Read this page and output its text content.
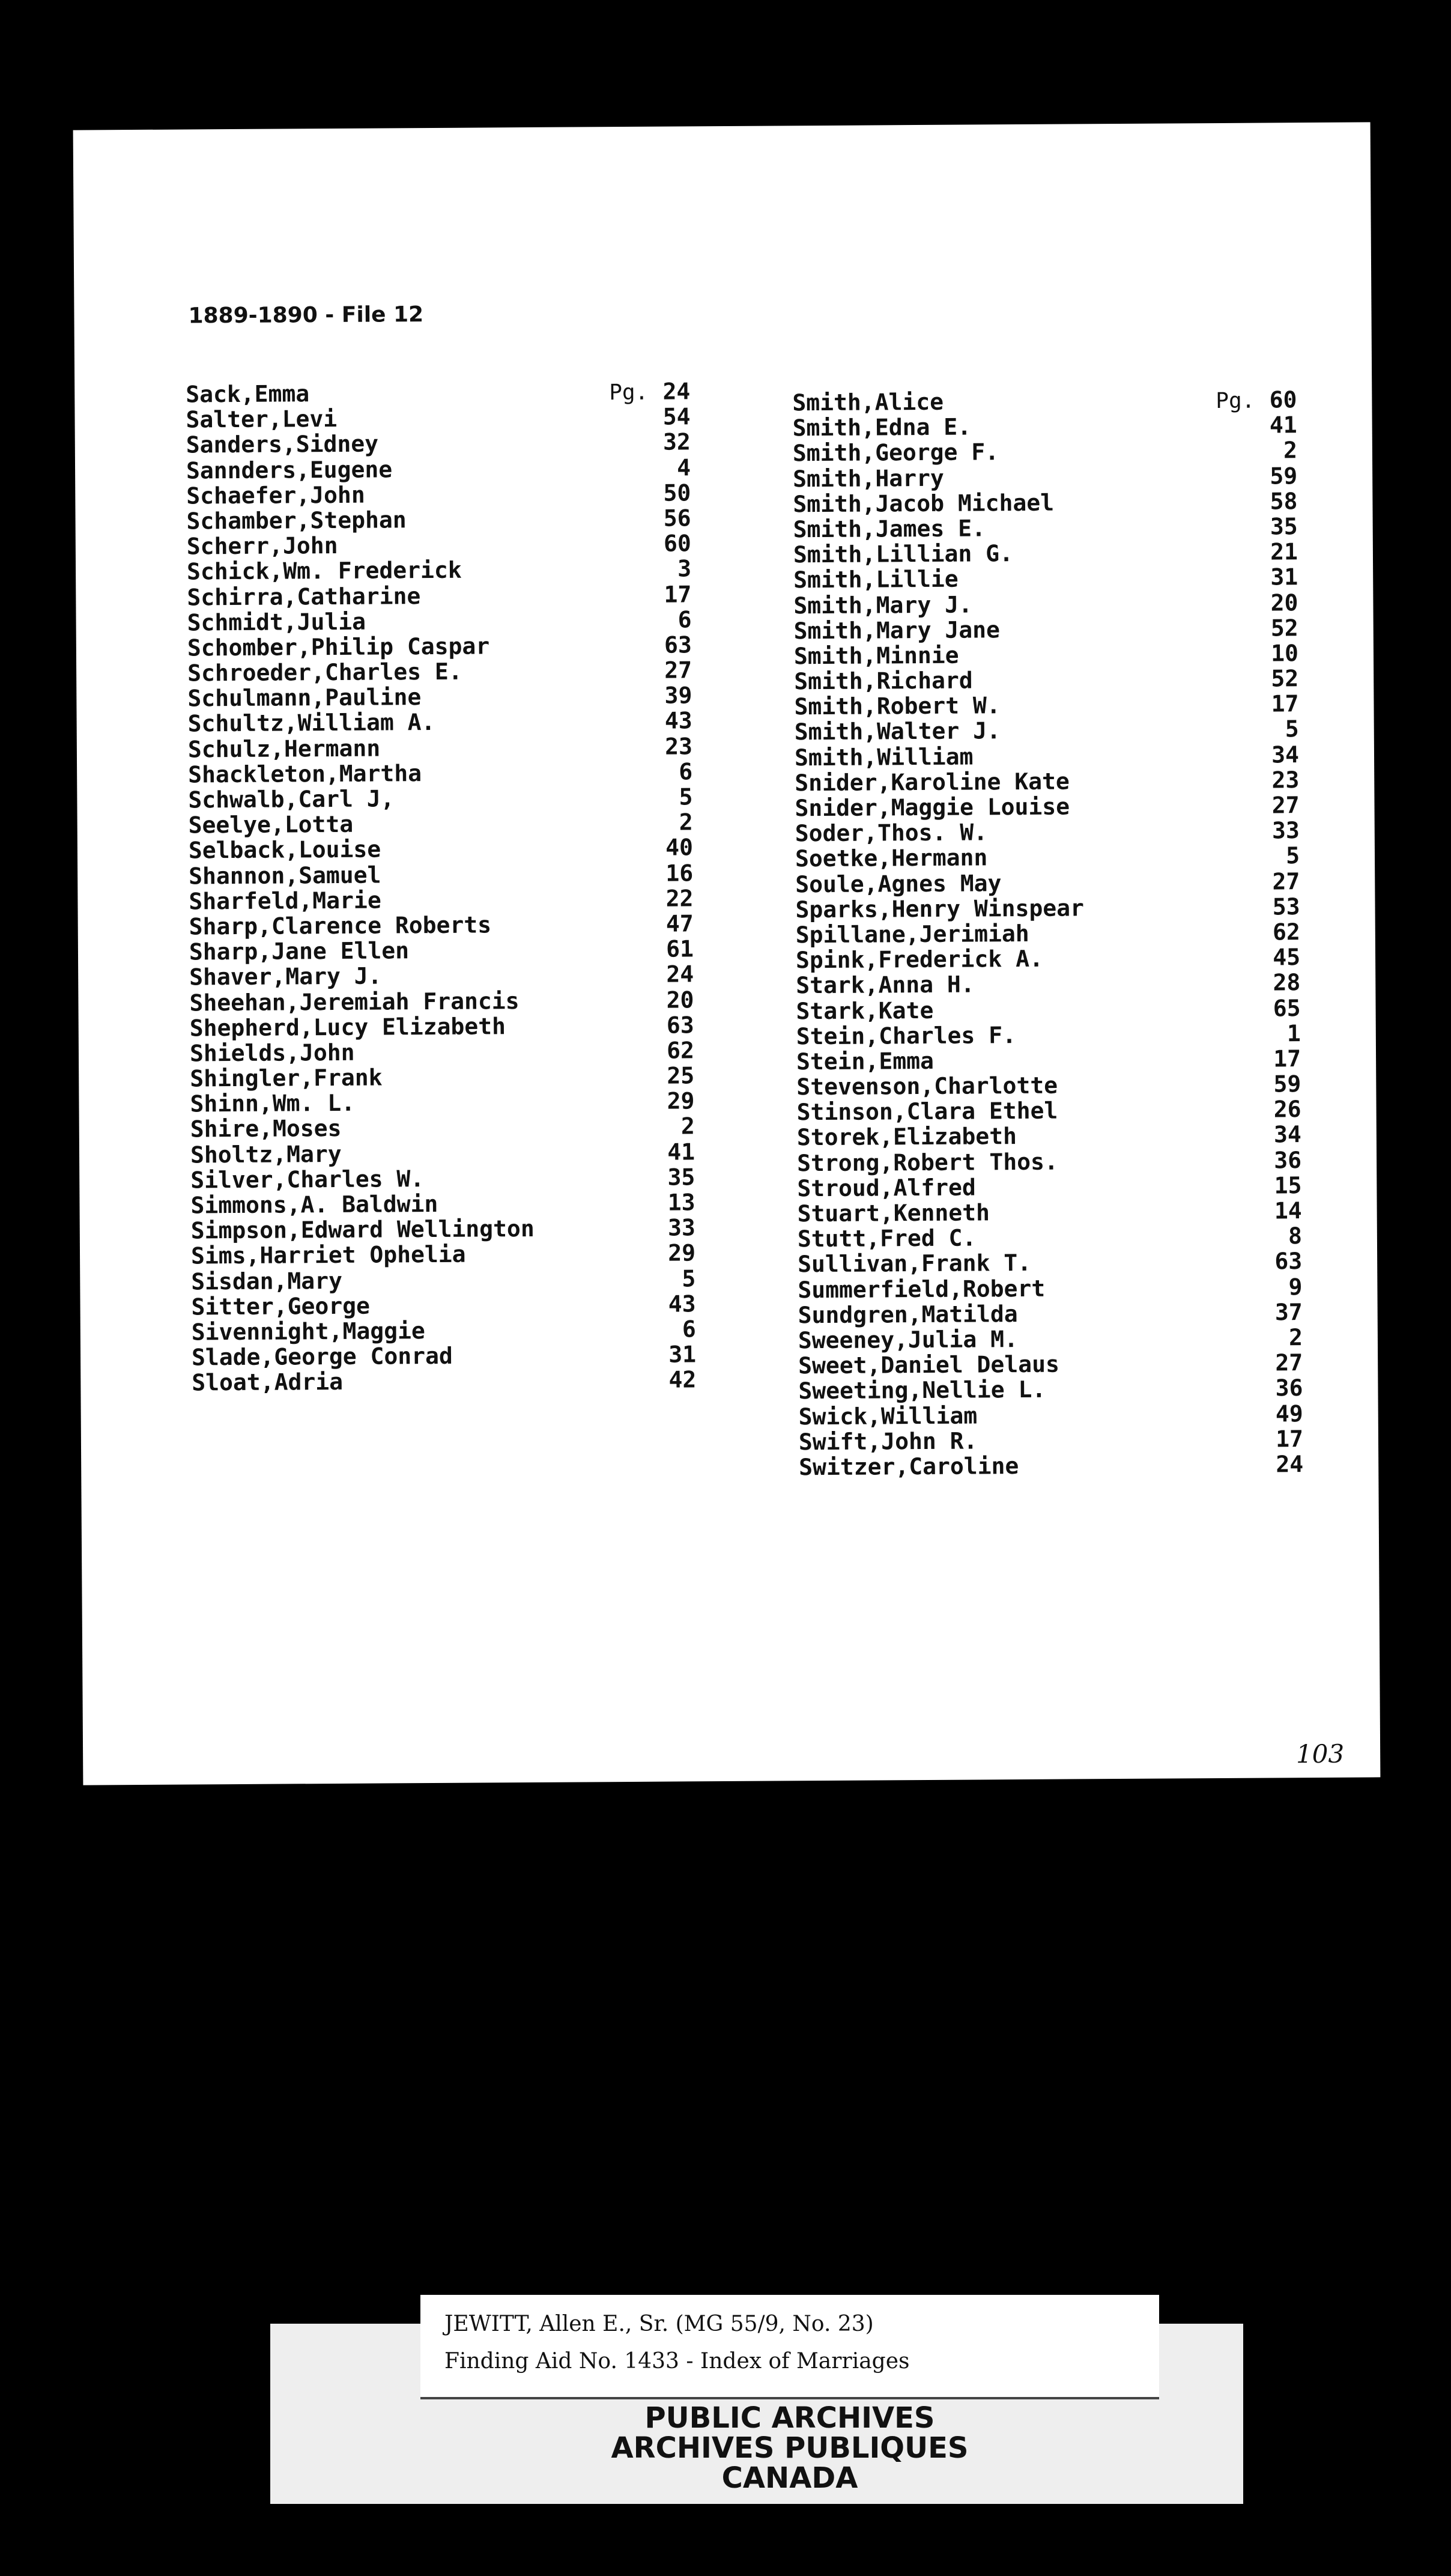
1889-1890 - File 12
Sack,Emma	Pg. 24
Salter,Levi	54
Sanders,Sidney	32
Sannders,Eugene	4
Schaefer,John	50
Schamber,Stephan	56
Scherr,John	60
Schick,Wm. Frederick	3
Schirra,Catharine	17
Schmidt,Julia	6
Schomber,Philip Caspar	63
Schroeder,Charles E.	27
Schulmann,Pauline	39
Schultz,William A.	43
Schulz,Hermann	23
Shackleton,Martha	6
Schwalb,Carl J,	5
Seelye,Lotta	2
Selback,Louise	40
Shannon,Samuel	16
Sharfeld,Marie	22
Sharp,Clarence Roberts	47
Sharp,Jane Ellen	61
Shaver,Mary J.	24
Sheehan,Jeremiah Francis	20
Shepherd,Lucy Elizabeth	63
Shields,John	62
Shingler,Frank	25
Shinn,Wm. L.	29
Shire,Moses	2
Sholtz,Mary	41
Silver,Charles W.	35
Simmons,A. Baldwin	13
Simpson,Edward Wellington	33
Sims,Harriet Ophelia	29
Sisdan,Mary	5
Sitter,George	43
Sivennight,Maggie	6
Slade,George Conrad	31
Sloat,Adria	42
Smith,Alice	Pg. 60
Smith,Edna E.	41
Smith,George F.	2
Smith,Harry	59
Smith,Jacob Michael	58
Smith,James E.	35
Smith,Lillian G.	21
Smith,Lillie	31
Smith,Mary J.	20
Smith,Mary Jane	52
Smith,Minnie	10
Smith,Richard	52
Smith,Robert W.	17
Smith,Walter J.	5
Smith,William	34
Snider,Karoline Kate	23
Snider,Maggie Louise	27
Soder,Thos. W.	33
Soetke,Hermann	5
Soule,Agnes May	27
Sparks,Henry Winspear	53
Spillane,Jerimiah	62
Spink,Frederick A.	45
Stark,Anna H.	28
Stark,Kate	65
Stein,Charles F.	1
Stein,Emma	17
Stevenson,Charlotte	59
Stinson,Clara Ethel	26
Storek,Elizabeth	34
Strong,Robert Thos.	36
Stroud,Alfred	15
Stuart,Kenneth	14
Stutt,Fred C.	8
Sullivan,Frank T.	63
Summerfield,Robert	9
Sundgren,Matilda	37
Sweeney,Julia M.	2
Sweet,Daniel Delaus	27
Sweeting,Nellie L.	36
Swick,William	49
Swift,John R.	17
Switzer,Caroline	24
103
JEWITT, Allen E., Sr. (MG 55/9, No. 23)
Finding Aid No. 1433 - Index of Marriages
PUBLIC ARCHIVES
ARCHIVES PUBLIQUES
CANADA
